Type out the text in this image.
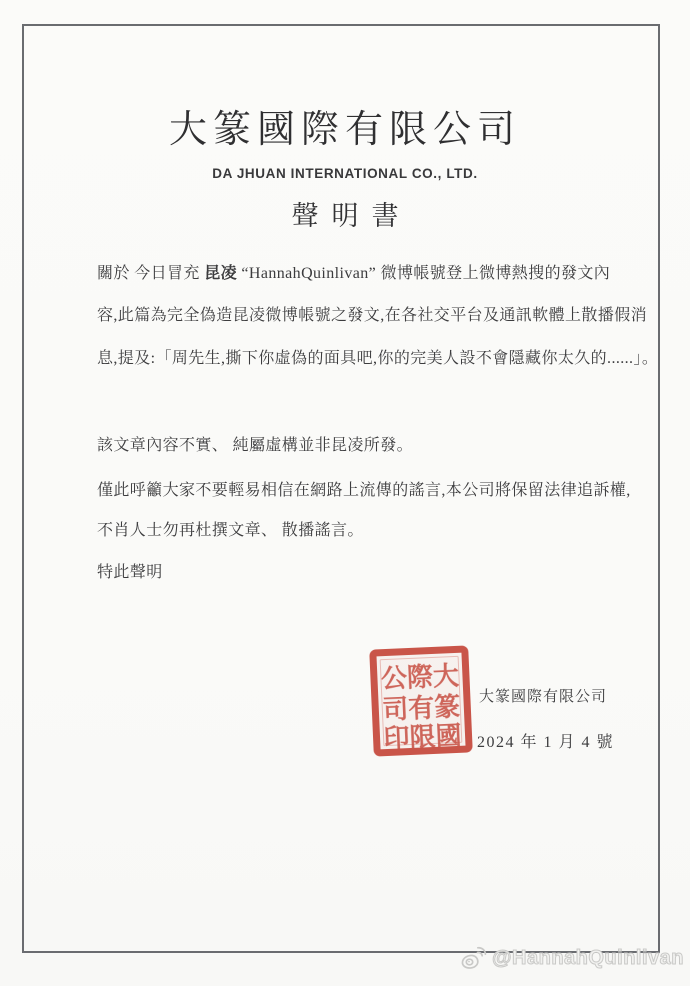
大篆國際有限公司
DA JHUAN INTERNATIONAL CO., LTD.
聲明書
關於 今日冒充 昆凌 “HannahQuinlivan” 微博帳號登上微博熱搜的發文內
容,此篇為完全偽造昆凌微博帳號之發文,在各社交平台及通訊軟體上散播假消
息,提及:「周先生,撕下你虛偽的面具吧,你的完美人設不會隱藏你太久的......」。
該文章內容不實、 純屬虛構並非昆凌所發。
僅此呼籲大家不要輕易相信在網路上流傳的謠言,本公司將保留法律追訴權,
不肖人士勿再杜撰文章、 散播謠言。
特此聲明
大
篆
國
際
有
限
公
司
印
大篆國際有限公司
2024 年 1 月 4 號
@HannahQuinlivan
